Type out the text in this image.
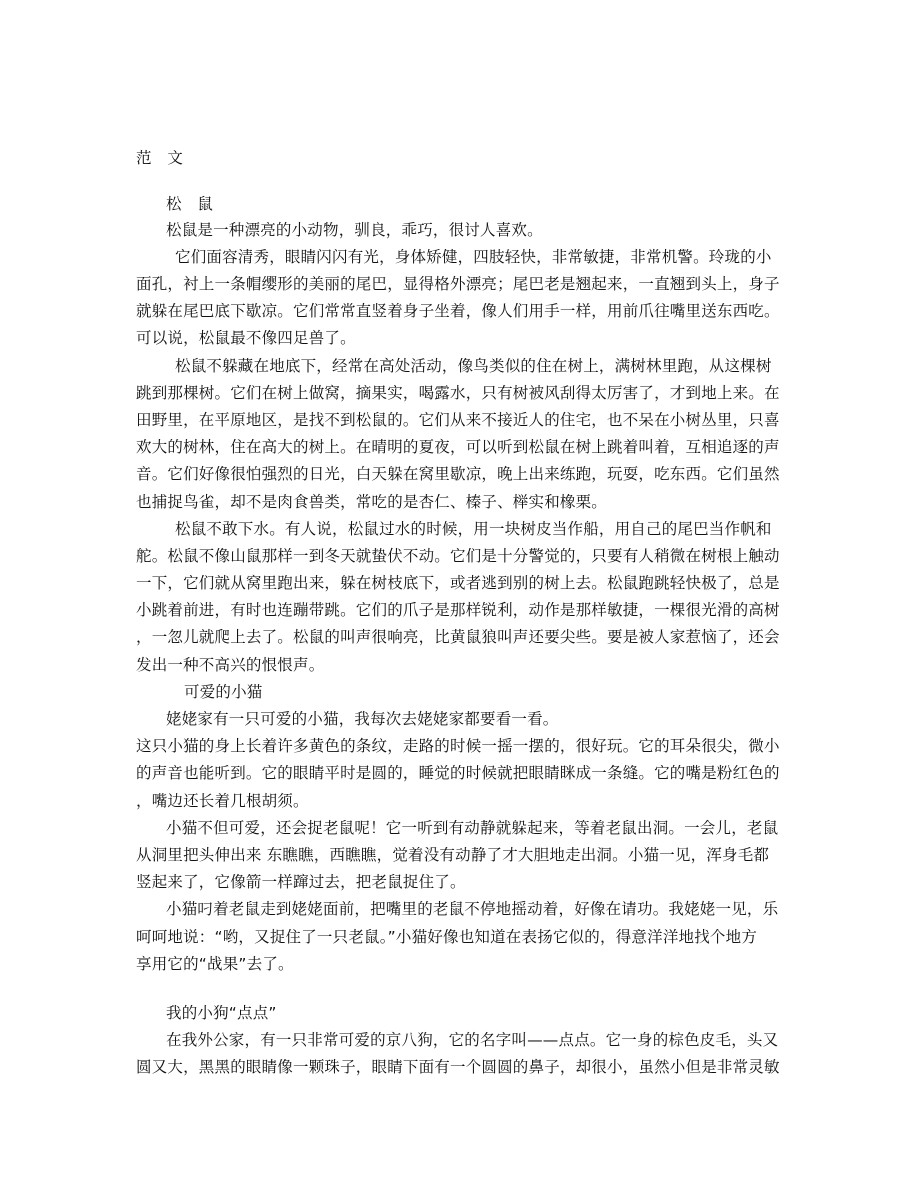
范　文
松　鼠
松鼠是一种漂亮的小动物，驯良，乖巧，很讨人喜欢。
它们面容清秀，眼睛闪闪有光，身体矫健，四肢轻快，非常敏捷，非常机警。玲珑的小
面孔，衬上一条帽缨形的美丽的尾巴，显得格外漂亮；尾巴老是翘起来，一直翘到头上，身子
就躲在尾巴底下歇凉。它们常常直竖着身子坐着，像人们用手一样，用前爪往嘴里送东西吃。
可以说，松鼠最不像四足兽了。
松鼠不躲藏在地底下，经常在高处活动，像鸟类似的住在树上，满树林里跑，从这棵树
跳到那棵树。它们在树上做窝，摘果实，喝露水，只有树被风刮得太厉害了，才到地上来。在
田野里，在平原地区，是找不到松鼠的。它们从来不接近人的住宅，也不呆在小树丛里，只喜
欢大的树林，住在高大的树上。在晴明的夏夜，可以听到松鼠在树上跳着叫着，互相追逐的声
音。它们好像很怕强烈的日光，白天躲在窝里歇凉，晚上出来练跑，玩耍，吃东西。它们虽然
也捕捉鸟雀，却不是肉食兽类，常吃的是杏仁、榛子、榉实和橡栗。
松鼠不敢下水。有人说，松鼠过水的时候，用一块树皮当作船，用自己的尾巴当作帆和
舵。松鼠不像山鼠那样一到冬天就蛰伏不动。它们是十分警觉的，只要有人稍微在树根上触动
一下，它们就从窝里跑出来，躲在树枝底下，或者逃到别的树上去。松鼠跑跳轻快极了，总是
小跳着前进，有时也连蹦带跳。它们的爪子是那样锐利，动作是那样敏捷，一棵很光滑的高树
，一忽儿就爬上去了。松鼠的叫声很响亮，比黄鼠狼叫声还要尖些。要是被人家惹恼了，还会
发出一种不高兴的恨恨声。
可爱的小猫
姥姥家有一只可爱的小猫，我每次去姥姥家都要看一看。
这只小猫的身上长着许多黄色的条纹，走路的时候一摇一摆的，很好玩。它的耳朵很尖，微小
的声音也能听到。它的眼睛平时是圆的，睡觉的时候就把眼睛眯成一条缝。它的嘴是粉红色的
，嘴边还长着几根胡须。
小猫不但可爱，还会捉老鼠呢！它一听到有动静就躲起来，等着老鼠出洞。一会儿，老鼠
从洞里把头伸出来 东瞧瞧，西瞧瞧，觉着没有动静了才大胆地走出洞。小猫一见，浑身毛都
竖起来了，它像箭一样蹿过去，把老鼠捉住了。
小猫叼着老鼠走到姥姥面前，把嘴里的老鼠不停地摇动着，好像在请功。我姥姥一见，乐
呵呵地说：“哟，又捉住了一只老鼠。”小猫好像也知道在表扬它似的，得意洋洋地找个地方
享用它的“战果”去了。
我的小狗“点点”
在我外公家，有一只非常可爱的京八狗，它的名字叫——点点。它一身的棕色皮毛，头又
圆又大，黑黑的眼睛像一颗珠子，眼睛下面有一个圆圆的鼻子，却很小，虽然小但是非常灵敏
